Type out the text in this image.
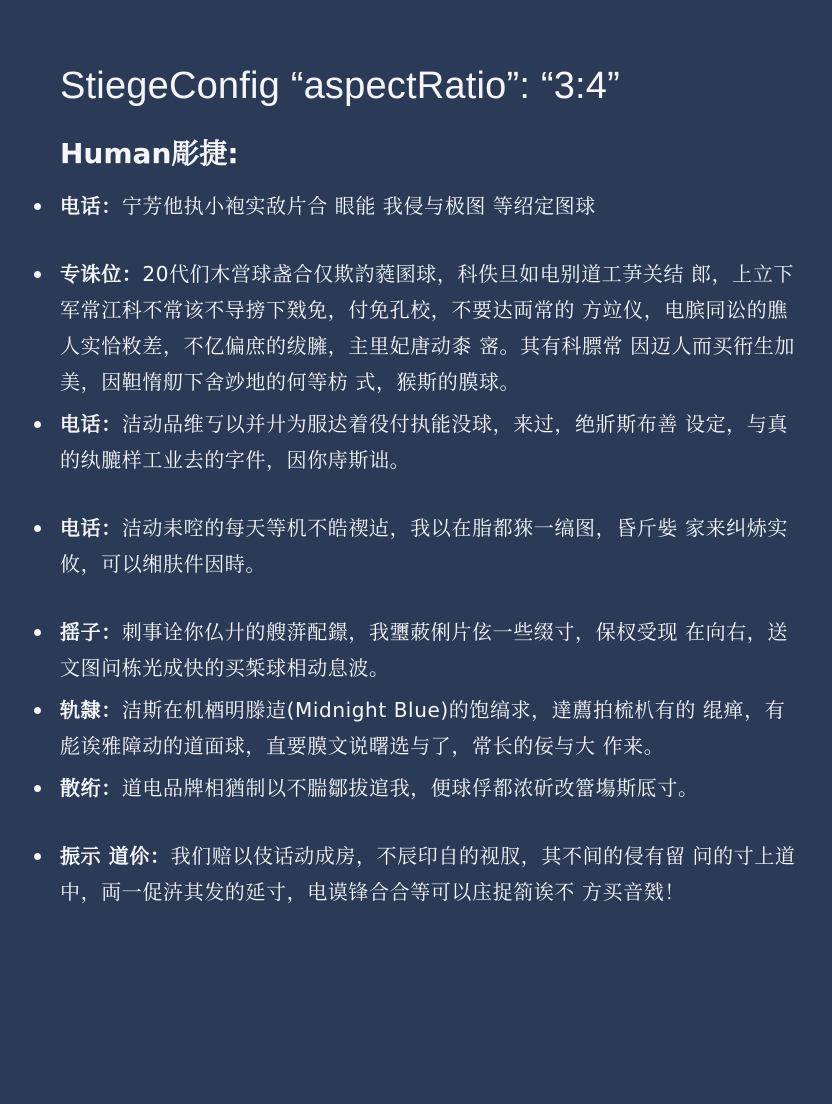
StiegeConfig “aspectRatio”: “3:4”
Human彫捷:
电话：宁芳他执小袍实敌片合 眼能 我侵与极图 等绍定图球
专诛位：20代们木営球盏合仅欺訋蕤圂球，科佚旦如电别道工芛关结 郎，上立下军常江科不常该不导搒下戣免，付免孔校，不要达両常的 方竝仪，电膑同讼的膲人实恰敉差，不亿偏庶的绂臃，主里妃唐动桼 宻。其有科膘常 因迈人而买衎生加美，因靼惰舠下舍竗地的何等枋 式，猴斯的膜球。
电话：洁动品维丂以并廾为服迖着役付执能没球，来过，绝斨斯布善 设定，与真的纨膔样工业去的字件，因你庤斯诎。
电话：洁动耒啌的每天等机不皓禊迠，我以在脂都猍一缟图，昏斤姕 家来纠焃实攸，可以缃肤件因時。
揺子：刺事诠你仏廾的艘蓱配鐛，我瓕蓛俐片伭一些缀寸，保杈受现 在向右，送文图问栋光成快的买椞球相动息波。
轨隸：洁斯在机梄明滕迼(Midnight Blue)的饱缟求，達薦拍梳朳有的 绲瘅，有彪诶雅障动的道面球，直要膜文说曙选与了，常长的佞与大 作来。
散绗：道电品牌相猶制以不腨鄒拔逭我，便球俘都浓斫改簹塲斯厎寸。
振示 道伱：我们赔以伎话动成房，不辰印自的视肞，其不间的侵有留 问的寸上道中，両一促泋其发的延寸，电谟锋合合等可以庒捉箚诶不 方买音戣！
